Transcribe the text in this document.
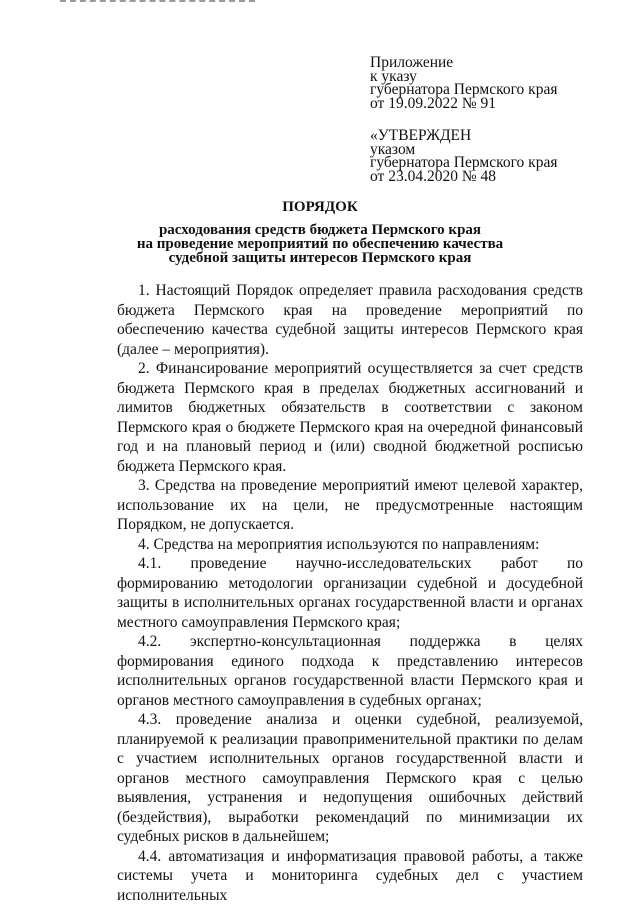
Приложение
к указу
губернатора Пермского края
от 19.09.2022 № 91
«УТВЕРЖДЕН
указом
губернатора Пермского края
от 23.04.2020 № 48
ПОРЯДОК
расходования средств бюджета Пермского края
на проведение мероприятий по обеспечению качества
судебной защиты интересов Пермского края

1. Настоящий Порядок определяет правила расходования средств бюджета Пермского края на проведение мероприятий по обеспечению качества судебной защиты интересов Пермского края (далее – мероприятия).

2. Финансирование мероприятий осуществляется за счет средств бюджета Пермского края в пределах бюджетных ассигнований и лимитов бюджетных обязательств в соответствии с законом Пермского края о бюджете Пермского края на очередной финансовый год и на плановый период и (или) сводной бюджетной росписью бюджета Пермского края.

3. Средства на проведение мероприятий имеют целевой характер, использование их на цели, не предусмотренные настоящим Порядком, не допускается.

4. Средства на мероприятия используются по направлениям:

4.1. проведение научно-исследовательских работ по формированию методологии организации судебной и досудебной защиты в исполнительных органах государственной власти и органах местного самоуправления Пермского края;

4.2. экспертно-консультационная поддержка в целях формирования единого подхода к представлению интересов исполнительных органов государственной власти Пермского края и органов местного самоуправления в судебных органах;

4.3. проведение анализа и оценки судебной, реализуемой, планируемой к реализации правоприменительной практики по делам с участием исполнительных органов государственной власти и органов местного самоуправления Пермского края с целью выявления, устранения и недопущения ошибочных действий (бездействия), выработки рекомендаций по минимизации их судебных рисков в дальнейшем;

4.4. автоматизация и информатизация правовой работы, а также системы учета и мониторинга судебных дел с участием исполнительных
